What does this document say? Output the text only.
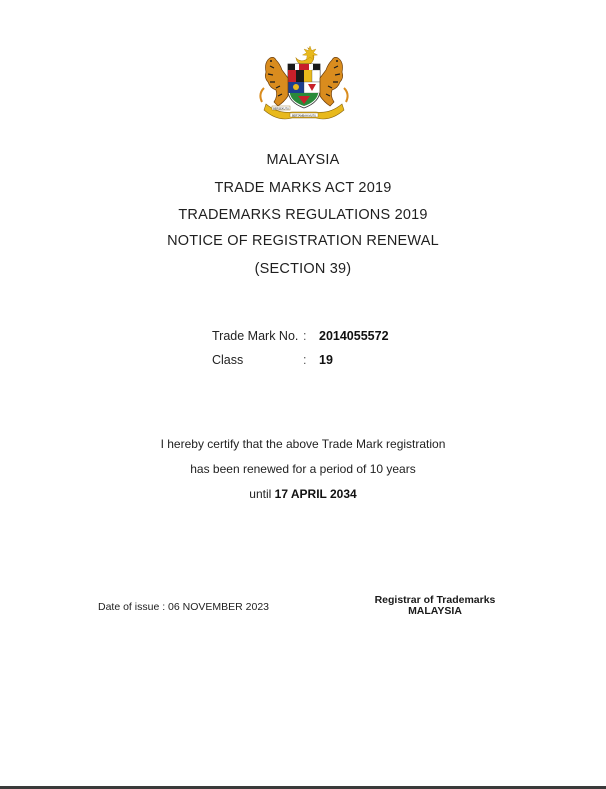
BERSEKUTU
BERTAMBAH MUTU
MALAYSIA
TRADE MARKS ACT 2019
TRADEMARKS REGULATIONS 2019
NOTICE OF REGISTRATION RENEWAL
(SECTION 39)
Trade Mark No. : 2014055572
Class	: 19
I hereby certify that the above Trade Mark registration
has been renewed for a period of 10 years
until 17 APRIL 2034
Date of issue : 06 NOVEMBER 2023
Registrar of Trademarks
MALAYSIA
